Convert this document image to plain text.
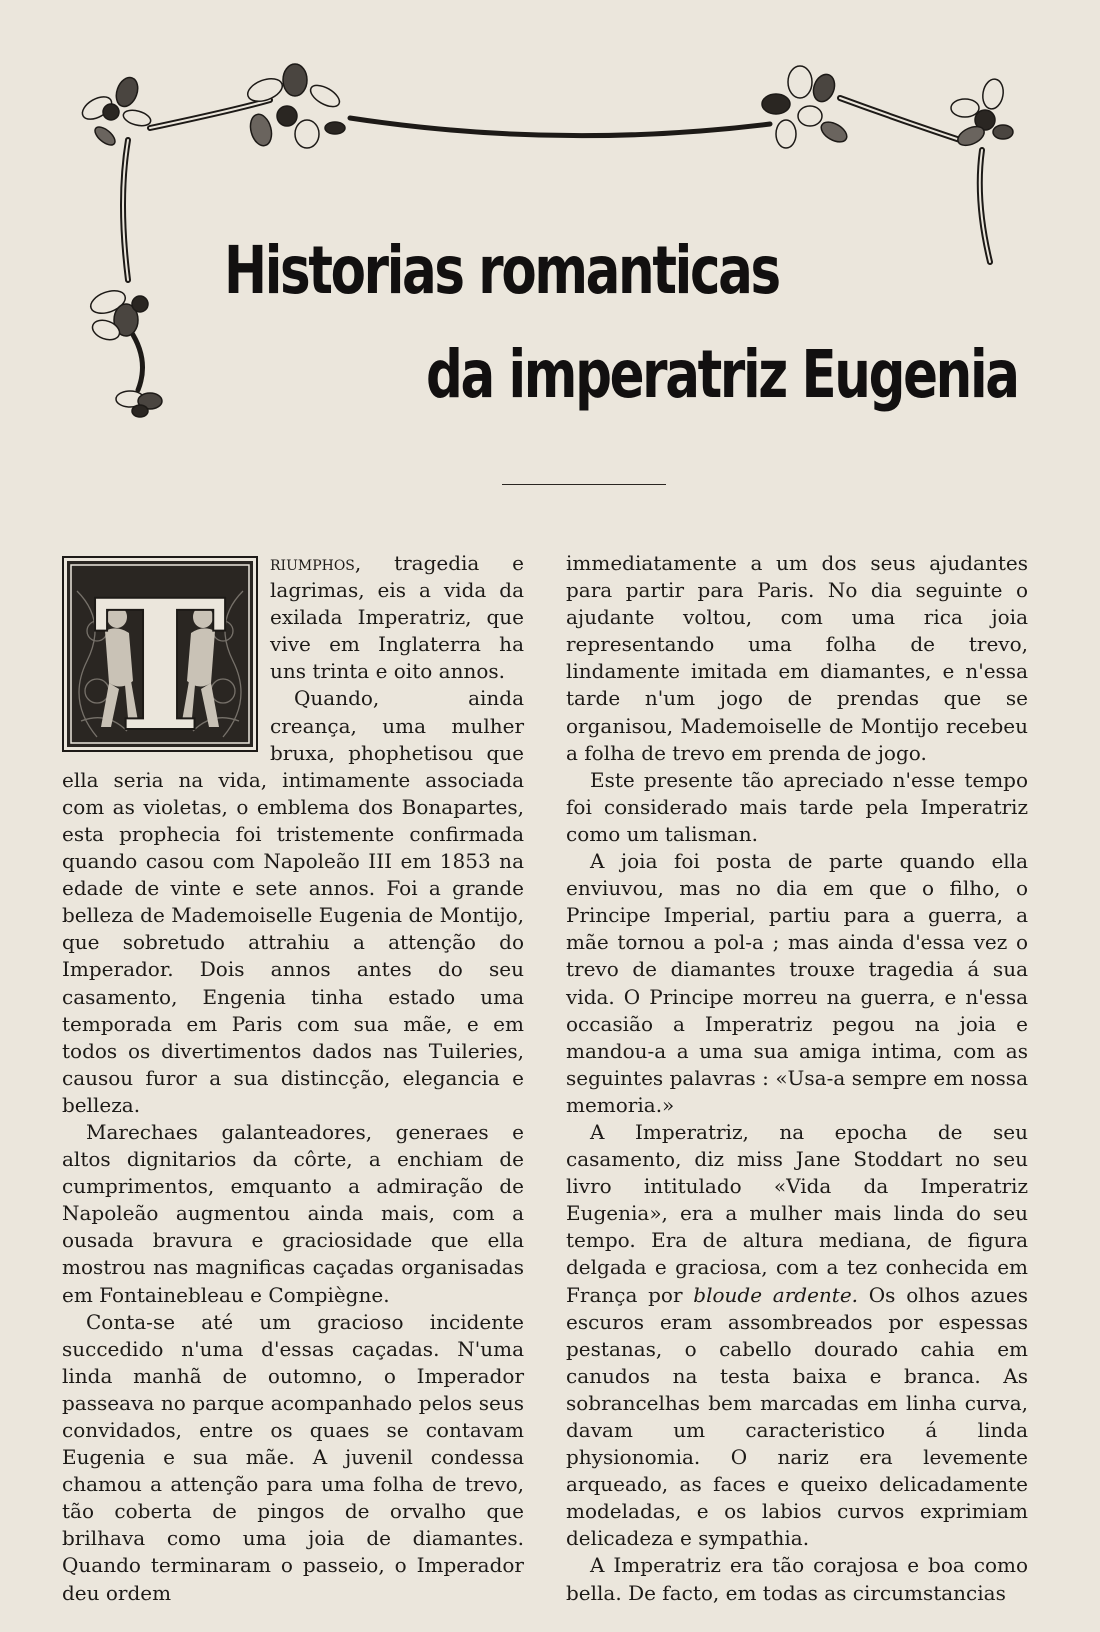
Historias romanticas
da imperatriz Eugenia
T	riumphos, tragedia e lagrimas, eis a vida da exilada Imperatriz, que vive em Inglaterra ha uns trinta e oito annos.

Quando, ainda creança, uma mulher bruxa, phophetisou que ella seria na vida, intimamente associada com as violetas, o emblema dos Bonapartes, esta prophecia foi tristemente confirmada quando casou com Napoleão III em 1853 na edade de vinte e sete annos. Foi a grande belleza de Mademoiselle Eugenia de Montijo, que sobretudo attrahiu a attenção do Imperador. Dois annos antes do seu casamento, Engenia tinha estado uma temporada em Paris com sua mãe, e em todos os divertimentos dados nas Tuileries, causou furor a sua distincção, elegancia e belleza.

Marechaes galanteadores, generaes e altos dignitarios da côrte, a enchiam de cumprimentos, emquanto a admiração de Napoleão augmentou ainda mais, com a ousada bravura e graciosidade que ella mostrou nas magnificas caçadas organisadas em Fontainebleau e Compiègne.

Conta-se até um gracioso incidente succedido n'uma d'essas caçadas. N'uma linda manhã de outomno, o Imperador passeava no parque acompanhado pelos seus convidados, entre os quaes se contavam Eugenia e sua mãe. A juvenil condessa chamou a attenção para uma folha de trevo, tão coberta de pingos de orvalho que brilhava como uma joia de diamantes. Quando terminaram o passeio, o Imperador deu ordem

immediatamente a um dos seus ajudantes para partir para Paris. No dia seguinte o ajudante voltou, com uma rica joia representando uma folha de trevo, lindamente imitada em diamantes, e n'essa tarde n'um jogo de prendas que se organisou, Mademoiselle de Montijo recebeu a folha de trevo em prenda de jogo.

Este presente tão apreciado n'esse tempo foi considerado mais tarde pela Imperatriz como um talisman.

A joia foi posta de parte quando ella enviuvou, mas no dia em que o filho, o Principe Imperial, partiu para a guerra, a mãe tornou a pol-a ; mas ainda d'essa vez o trevo de diamantes trouxe tragedia á sua vida. O Principe morreu na guerra, e n'essa occasião a Imperatriz pegou na joia e mandou-a a uma sua amiga intima, com as seguintes palavras : «Usa-a sempre em nossa memoria.»

A Imperatriz, na epocha de seu casamento, diz miss Jane Stoddart no seu livro intitulado «Vida da Imperatriz Eugenia», era a mulher mais linda do seu tempo. Era de altura mediana, de figura delgada e graciosa, com a tez conhecida em França por bloude ardente. Os olhos azues escuros eram assombreados por espessas pestanas, o cabello dourado cahia em canudos na testa baixa e branca. As sobrancelhas bem marcadas em linha curva, davam um caracteristico á linda physionomia. O nariz era levemente arqueado, as faces e queixo delicadamente modeladas, e os labios curvos exprimiam delicadeza e sympathia.

A Imperatriz era tão corajosa e boa como bella. De facto, em todas as circumstancias
